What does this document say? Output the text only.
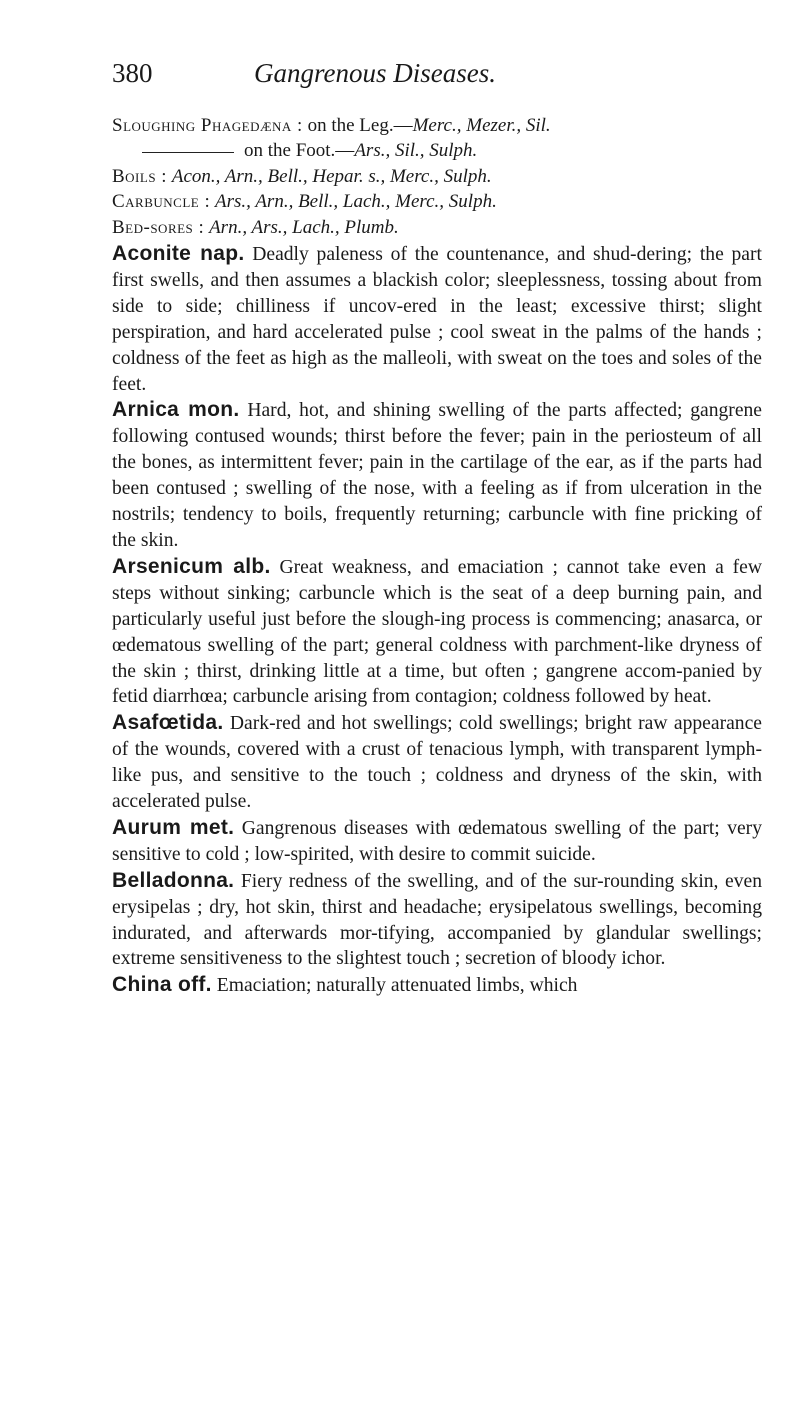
380	Gangrenous Diseases.
Sloughing Phagedæna : on the Leg.—Merc., Mezer., Sil.
on the Foot.—Ars., Sil., Sulph.
Boils : Acon., Arn., Bell., Hepar. s., Merc., Sulph.
Carbuncle : Ars., Arn., Bell., Lach., Merc., Sulph.
Bed-sores : Arn., Ars., Lach., Plumb.

Aconite nap. Deadly paleness of the countenance, and shud-dering; the part first swells, and then assumes a blackish color; sleeplessness, tossing about from side to side; chilliness if uncov-ered in the least; excessive thirst; slight perspiration, and hard accelerated pulse ; cool sweat in the palms of the hands ; coldness of the feet as high as the malleoli, with sweat on the toes and soles of the feet.

Arnica mon. Hard, hot, and shining swelling of the parts affected; gangrene following contused wounds; thirst before the fever; pain in the periosteum of all the bones, as intermittent fever; pain in the cartilage of the ear, as if the parts had been contused ; swelling of the nose, with a feeling as if from ulceration in the nostrils; tendency to boils, frequently returning; carbuncle with fine pricking of the skin.

Arsenicum alb. Great weakness, and emaciation ; cannot take even a few steps without sinking; carbuncle which is the seat of a deep burning pain, and particularly useful just before the slough-ing process is commencing; anasarca, or œdematous swelling of the part; general coldness with parchment-like dryness of the skin ; thirst, drinking little at a time, but often ; gangrene accom-panied by fetid diarrhœa; carbuncle arising from contagion; coldness followed by heat.

Asafœtida. Dark-red and hot swellings; cold swellings; bright raw appearance of the wounds, covered with a crust of tenacious lymph, with transparent lymph-like pus, and sensitive to the touch ; coldness and dryness of the skin, with accelerated pulse.

Aurum met. Gangrenous diseases with œdematous swelling of the part; very sensitive to cold ; low-spirited, with desire to commit suicide.

Belladonna. Fiery redness of the swelling, and of the sur-rounding skin, even erysipelas ; dry, hot skin, thirst and headache; erysipelatous swellings, becoming indurated, and afterwards mor-tifying, accompanied by glandular swellings; extreme sensitiveness to the slightest touch ; secretion of bloody ichor.

China off. Emaciation; naturally attenuated limbs, which
